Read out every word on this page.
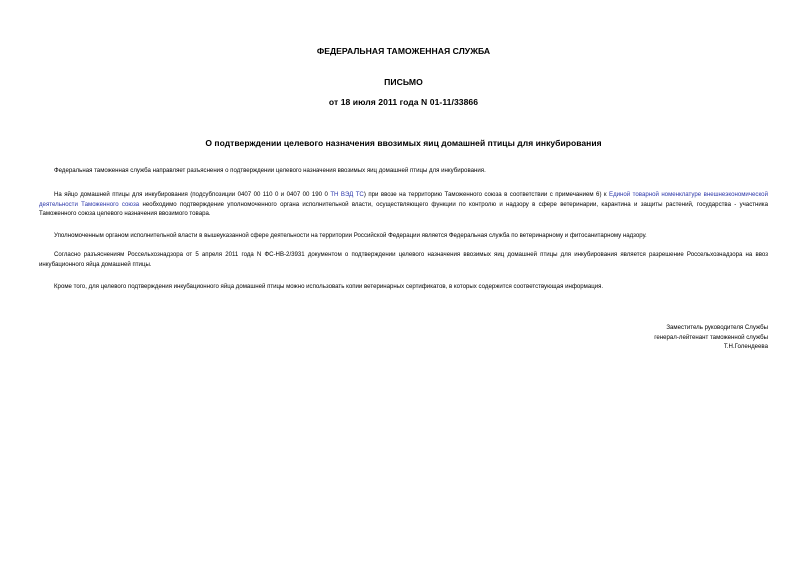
ФЕДЕРАЛЬНАЯ ТАМОЖЕННАЯ СЛУЖБА
ПИСЬМО
от 18 июля 2011 года N 01-11/33866
О подтверждении целевого назначения ввозимых яиц домашней птицы для инкубирования
Федеральная таможенная служба направляет разъяснения о подтверждении целевого назначения ввозимых яиц домашней птицы для инкубирования.
На яйцо домашней птицы для инкубирования (подсубпозиции 0407 00 110 0 и 0407 00 190 0 ТН ВЭД ТС) при ввозе на территорию Таможенного союза в соответствии с примечанием 6) к Единой товарной номенклатуре внешнеэкономической деятельности Таможенного союза необходимо подтверждение уполномоченного органа исполнительной власти, осуществляющего функции по контролю и надзору в сфере ветеринарии, карантина и защиты растений, государства - участника Таможенного союза целевого назначения ввозимого товара.
Уполномоченным органом исполнительной власти в вышеуказанной сфере деятельности на территории Российской Федерации является Федеральная служба по ветеринарному и фитосанитарному надзору.
Согласно разъяснениям Россельхознадзора от 5 апреля 2011 года N ФС-НВ-2/3931 документом о подтверждении целевого назначения ввозимых яиц домашней птицы для инкубирования является разрешение Россельхознадзора на ввоз инкубационного яйца домашней птицы.
Кроме того, для целевого подтверждения инкубационного яйца домашней птицы можно использовать копии ветеринарных сертификатов, в которых содержится соответствующая информация.
Заместитель руководителя Службы
генерал-лейтенант таможенной службы
Т.Н.Голендеева
